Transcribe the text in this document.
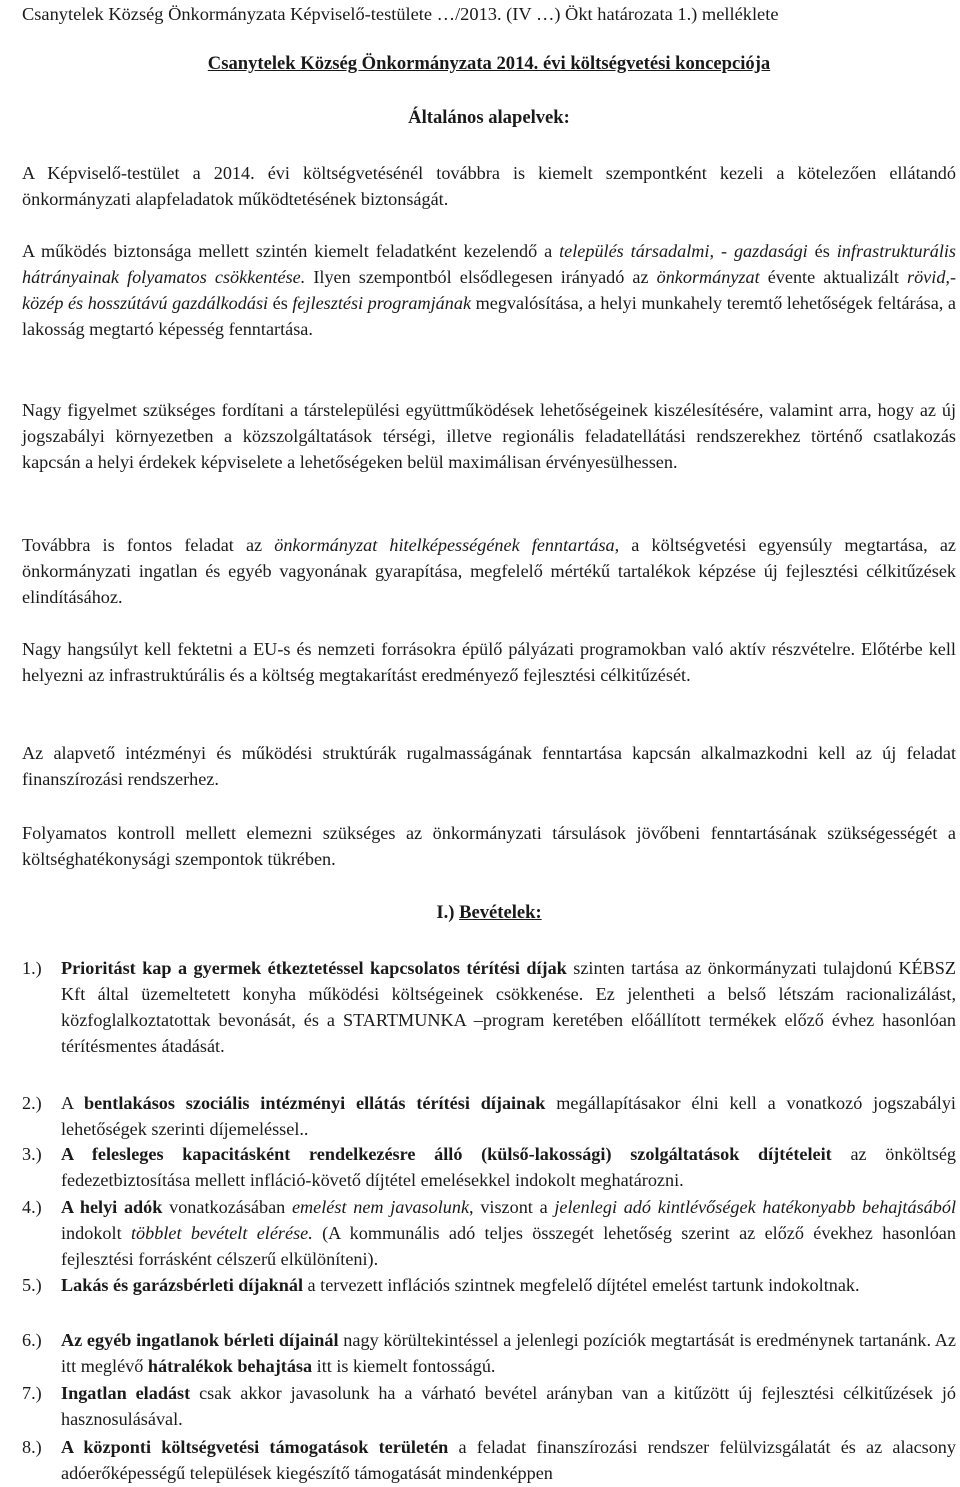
Csanytelek Község Önkormányzata Képviselő-testülete …/2013. (IV …) Ökt határozata 1.) melléklete
Csanytelek Község Önkormányzata 2014. évi költségvetési koncepciója
Általános alapelvek:

A Képviselő-testület a 2014. évi költségvetésénél továbbra is kiemelt szempontként kezeli a kötelezően ellátandó önkormányzati alapfeladatok működtetésének biztonságát.

A működés biztonsága mellett szintén kiemelt feladatként kezelendő a település társadalmi, - gazdasági és infrastrukturális hátrányainak folyamatos csökkentése. Ilyen szempontból elsődlegesen irányadó az önkormányzat évente aktualizált rövid,- közép és hosszútávú gazdálkodási és fejlesztési programjának megvalósítása, a helyi munkahely teremtő lehetőségek feltárása, a lakosság megtartó képesség fenntartása.

Nagy figyelmet szükséges fordítani a társtelepülési együttműködések lehetőségeinek kiszélesítésére, valamint arra, hogy az új jogszabályi környezetben a közszolgáltatások térségi, illetve regionális feladatellátási rendszerekhez történő csatlakozás kapcsán a helyi érdekek képviselete a lehetőségeken belül maximálisan érvényesülhessen.

Továbbra is fontos feladat az önkormányzat hitelképességének fenntartása, a költségvetési egyensúly megtartása, az önkormányzati ingatlan és egyéb vagyonának gyarapítása, megfelelő mértékű tartalékok képzése új fejlesztési célkitűzések elindításához.

Nagy hangsúlyt kell fektetni a EU-s és nemzeti forrásokra épülő pályázati programokban való aktív részvételre. Előtérbe kell helyezni az infrastruktúrális és a költség megtakarítást eredményező fejlesztési célkitűzését.

Az alapvető intézményi és működési struktúrák rugalmasságának fenntartása kapcsán alkalmazkodni kell az új feladat finanszírozási rendszerhez.

Folyamatos kontroll mellett elemezni szükséges az önkormányzati társulások jövőbeni fenntartásának szükségességét a költséghatékonysági szempontok tükrében.

I.) Bevételek:
1.) Prioritást kap a gyermek étkeztetéssel kapcsolatos térítési díjak szinten tartása az önkormányzati tulajdonú KÉBSZ Kft által üzemeltetett konyha működési költségeinek csökkenése. Ez jelentheti a belső létszám racionalizálást, közfoglalkoztatottak bevonását, és a STARTMUNKA –program keretében előállított termékek előző évhez hasonlóan térítésmentes átadását.
2.) A bentlakásos szociális intézményi ellátás térítési díjainak megállapításakor élni kell a vonatkozó jogszabályi lehetőségek szerinti díjemeléssel..
3.) A felesleges kapacitásként rendelkezésre álló (külső-lakossági) szolgáltatások díjtételeit az önköltség fedezetbiztosítása mellett infláció-követő díjtétel emelésekkel indokolt meghatározni.
4.) A helyi adók vonatkozásában emelést nem javasolunk, viszont a jelenlegi adó kintlévőségek hatékonyabb behajtásából indokolt többlet bevételt elérése. (A kommunális adó teljes összegét lehetőség szerint az előző évekhez hasonlóan fejlesztési forrásként célszerű elkülöníteni).
5.) Lakás és garázsbérleti díjaknál a tervezett inflációs szintnek megfelelő díjtétel emelést tartunk indokoltnak.
6.) Az egyéb ingatlanok bérleti díjainál nagy körültekintéssel a jelenlegi pozíciók megtartását is eredménynek tartanánk. Az itt meglévő hátralékok behajtása itt is kiemelt fontosságú.
7.) Ingatlan eladást csak akkor javasolunk ha a várható bevétel arányban van a kitűzött új fejlesztési célkitűzések jó hasznosulásával.
8.) A központi költségvetési támogatások területén a feladat finanszírozási rendszer felülvizsgálatát és az alacsony adóerőképességű települések kiegészítő támogatását mindenképpen
